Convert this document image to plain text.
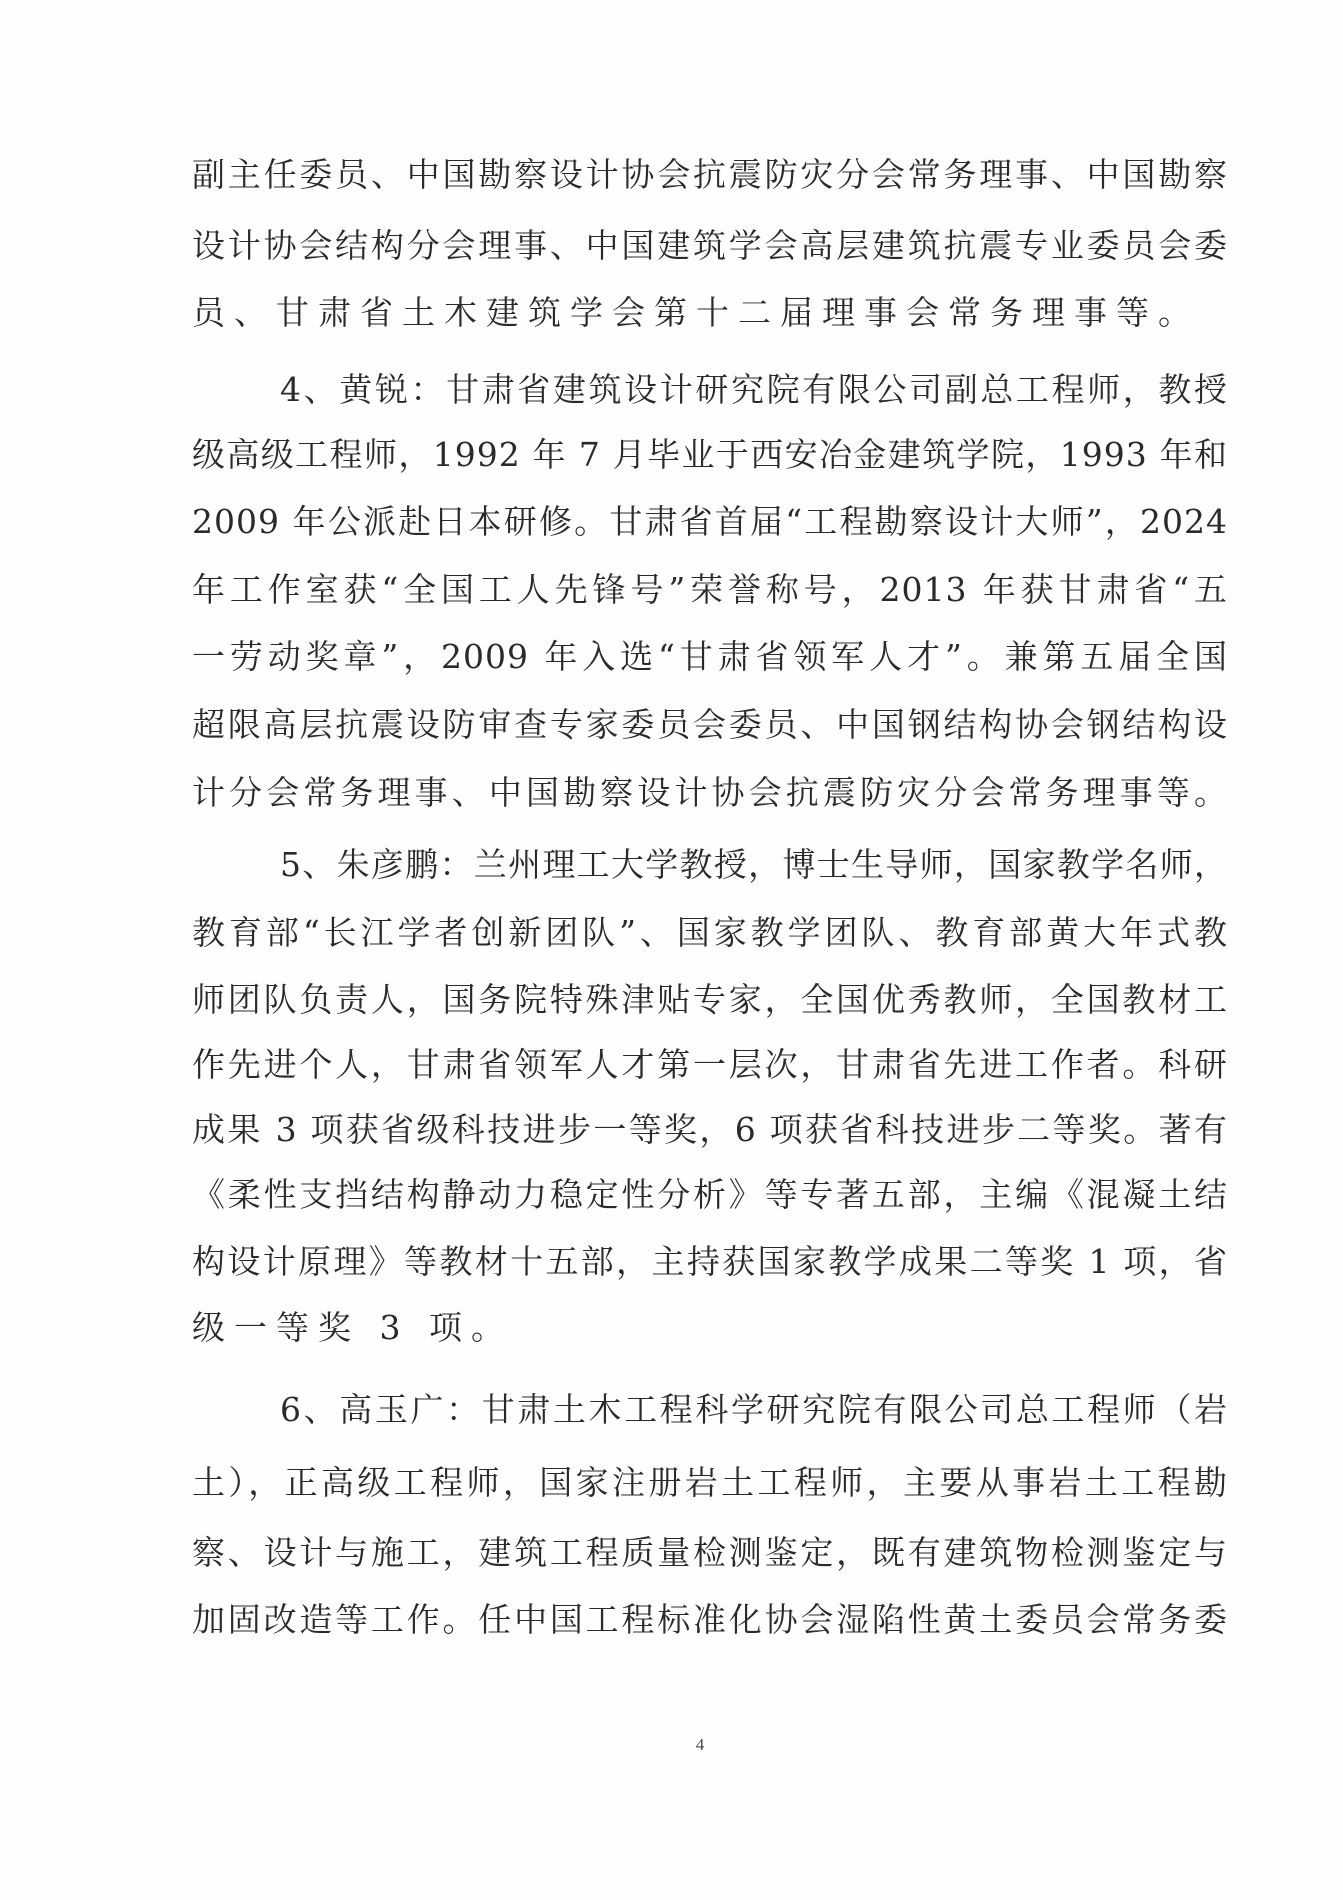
副主任委员、中国勘察设计协会抗震防灾分会常务理事、中国勘察
设计协会结构分会理事、中国建筑学会高层建筑抗震专业委员会委
员、甘肃省土木建筑学会第十二届理事会常务理事等。
4、黄锐：甘肃省建筑设计研究院有限公司副总工程师，教授
级高级工程师，1992 年 7 月毕业于西安冶金建筑学院，1993 年和
2009 年公派赴日本研修。甘肃省首届“工程勘察设计大师”，2024
年工作室获“全国工人先锋号”荣誉称号，2013 年获甘肃省“五
一劳动奖章”，2009 年入选“甘肃省领军人才”。兼第五届全国
超限高层抗震设防审查专家委员会委员、中国钢结构协会钢结构设
计分会常务理事、中国勘察设计协会抗震防灾分会常务理事等。
5、朱彦鹏：兰州理工大学教授，博士生导师，国家教学名师，
教育部“长江学者创新团队”、国家教学团队、教育部黄大年式教
师团队负责人，国务院特殊津贴专家，全国优秀教师，全国教材工
作先进个人，甘肃省领军人才第一层次，甘肃省先进工作者。科研
成果 3 项获省级科技进步一等奖，6 项获省科技进步二等奖。著有
《柔性支挡结构静动力稳定性分析》等专著五部，主编《混凝土结
构设计原理》等教材十五部，主持获国家教学成果二等奖 1 项，省
级一等奖 3 项。
6、高玉广：甘肃土木工程科学研究院有限公司总工程师（岩
土），正高级工程师，国家注册岩土工程师，主要从事岩土工程勘
察、设计与施工，建筑工程质量检测鉴定，既有建筑物检测鉴定与
加固改造等工作。任中国工程标准化协会湿陷性黄土委员会常务委
4
